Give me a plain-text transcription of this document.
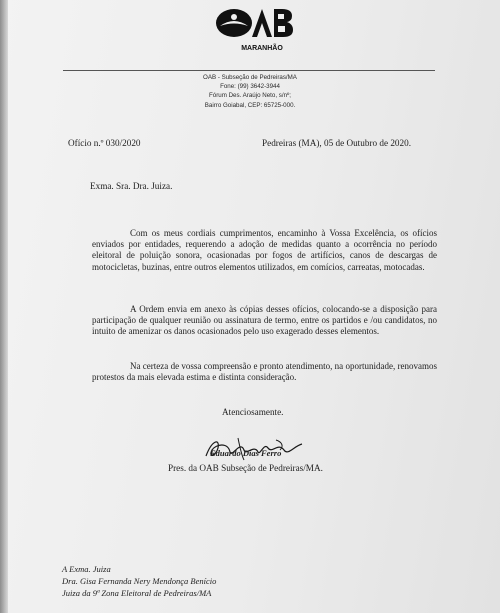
MARANHÃO
OAB - Subseção de Pedreiras/MA
Fone: (99) 3642-3944
Fórum Des. Araújo Neto, s/nº;
Bairro Goiabal, CEP: 65725-000.
Ofício n.º 030/2020	Pedreiras (MA), 05 de Outubro de 2020.
Exma. Sra. Dra. Juiza.

Com os meus cordiais cumprimentos, encaminho à Vossa Excelência, os ofícios enviados por entidades, requerendo a adoção de medidas quanto a ocorrência no período eleitoral de poluição sonora, ocasionadas por fogos de artifícios, canos de descargas de motocicletas, buzinas, entre outros elementos utilizados, em comícios, carreatas, motocadas.

A Ordem envia em anexo às cópias desses ofícios, colocando-se a disposição para participação de qualquer reunião ou assinatura de termo, entre os partidos e /ou candidatos, no intuito de amenizar os danos ocasionados pelo uso exagerado desses elementos.

Na certeza de vossa compreensão e pronto atendimento, na oportunidade, renovamos protestos da mais elevada estima e distinta consideração.

Atenciosamente.
Eduardo Dias Ferro
Pres. da OAB Subseção de Pedreiras/MA.
A Exma. Juiza
Dra. Gisa Fernanda Nery Mendonça Benício
Juiza da 9ª Zona Eleitoral de Pedreiras/MA
